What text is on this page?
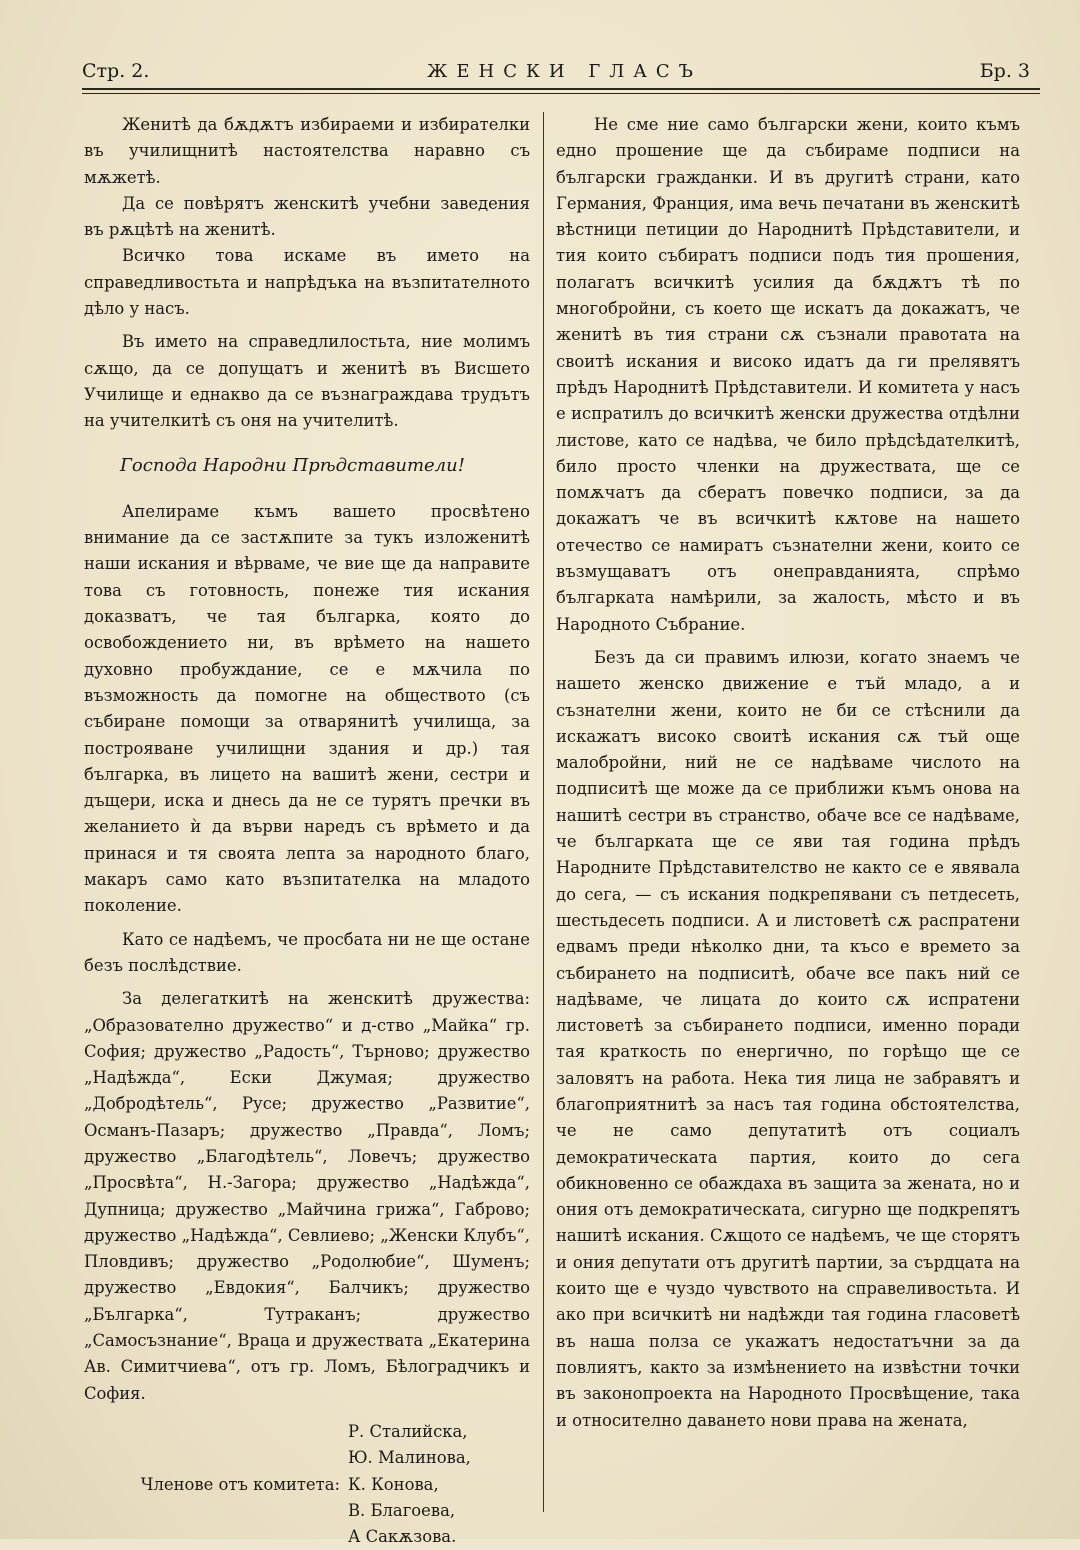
Стр. 2.	ЖЕНСКИ ГЛАСЪ	Бр. 3

Женитѣ да бѫдѫтъ избираеми и избирателки въ училищнитѣ настоятелства наравно съ мѫжетѣ.

Да се повѣрятъ женскитѣ учебни заведения въ рѫцѣтѣ на женитѣ.

Всичко това искаме въ името на справедливостьта и напрѣдъка на възпитателното дѣло у насъ.

Въ името на справедлилостьта, ние молимъ сѫщо, да се допущатъ и женитѣ въ Висшето Училище и еднакво да се възнаграждава трудътъ на учителкитѣ съ оня на учителитѣ.

Господа Народни Прѣдставители!

Апелираме къмъ вашето просвѣтено внимание да се застѫпите за тукъ изложенитѣ наши искания и вѣрваме, че вие ще да направите това съ готовность, понеже тия искания доказватъ, че тая българка, която до освобождението ни, въ врѣмето на нашето духовно пробуждание, се е мѫчила по възможность да помогне на обществото (съ събиране помощи за отварянитѣ училища, за построяване училищни здания и др.) тая българка, въ лицето на вашитѣ жени, сестри и дъщери, иска и днесь да не се турятъ пречки въ желанието ѝ да върви наредъ съ врѣмето и да принася и тя своята лепта за народното благо, макаръ само като възпитателка на младото поколение.

Като се надѣемъ, че просбата ни не ще остане безъ послѣдствие.

За делегаткитѣ на женскитѣ дружества: „Образователно дружество“ и д-ство „Майка“ гр. София; дружество „Радость“, Търново; дружество „Надѣжда“, Ески Джумая; дружество „Добродѣтель“, Русе; дружество „Развитие“, Османъ-Пазаръ; дружество „Правда“, Ломъ; дружество „Благодѣтель“, Ловечъ; дружество „Просвѣта“, Н.-Загора; дружество „Надѣжда“, Дупница; дружество „Майчина грижа“, Габрово; дружество „Надѣжда“, Севлиево; „Женски Клубъ“, Пловдивъ; дружество „Родолюбие“, Шуменъ; дружество „Евдокия“, Балчикъ; дружество „Българка“, Тутраканъ; дружество „Самосъзнание“, Враца и дружествата „Екатерина Ав. Симитчиева“, отъ гр. Ломъ, Бѣлоградчикъ и София.

Р. Сталийска,
Ю. Малинова,
Членове отъ комитета: К. Конова,
В. Благоева,
А Сакѫзова.

Не сме ние само български жени, които къмъ едно прошение ще да събираме подписи на български гражданки. И въ другитѣ страни, като Германия, Франция, има вечь печатани въ женскитѣ вѣстници петиции до Народнитѣ Прѣдставители, и тия които събиратъ подписи подъ тия прошения, полагатъ всичкитѣ усилия да бѫдѫтъ тѣ по многобройни, съ което ще искатъ да докажатъ, че женитѣ въ тия страни сѫ съзнали правотата на своитѣ искания и високо идатъ да ги прелявятъ прѣдъ Народнитѣ Прѣдставители. И комитета у насъ е испратилъ до всичкитѣ женски дружества отдѣлни листове, като се надѣва, че било прѣдсѣдателкитѣ, било просто членки на дружествата, ще се помѫчатъ да сбератъ повечко подписи, за да докажатъ че въ всичкитѣ кѫтове на нашето отечество се намиратъ съзнателни жени, които се възмущаватъ отъ онеправданията, спрѣмо българката намѣрили, за жалость, мѣсто и въ Народното Събрание.

Безъ да си правимъ илюзи, когато знаемъ че нашето женско движение е тъй младо, а и съзнателни жени, които не би се стѣснили да искажатъ високо своитѣ искания сѫ тъй още малобройни, ний не се надѣваме числото на подписитѣ ще може да се приближи къмъ онова на нашитѣ сестри въ странство, обаче все се надѣваме, че българката ще се яви тая година прѣдъ Народните Прѣдставителство не както се е явявала до сега, — съ искания подкрепявани съ петдесеть, шестьдесеть подписи. А и листоветѣ сѫ распратени едвамъ преди нѣколко дни, та късо е времето за събирането на подписитѣ, обаче все пакъ ний се надѣваме, че лицата до които сѫ испратени листоветѣ за събирането подписи, именно поради тая краткость по енергично, по горѣщо ще се заловятъ на работа. Нека тия лица не забравятъ и благоприятнитѣ за насъ тая година обстоятелства, че не само депутатитѣ отъ социалъ демократическата партия, които до сега обикновенно се обаждаха въ защита за жената, но и ония отъ демократическата, сигурно ще подкрепятъ нашитѣ искания. Сѫщото се надѣемъ, че ще сторятъ и ония депутати отъ другитѣ партии, за сърдцата на които ще е чуздо чувството на справеливостьта. И ако при всичкитѣ ни надѣжди тая година гласоветѣ въ наша полза се укажатъ недостатъчни за да повлиятъ, както за измѣнението на извѣстни точки въ законопроекта на Народното Просвѣщение, така и относително даването нови права на жената,
